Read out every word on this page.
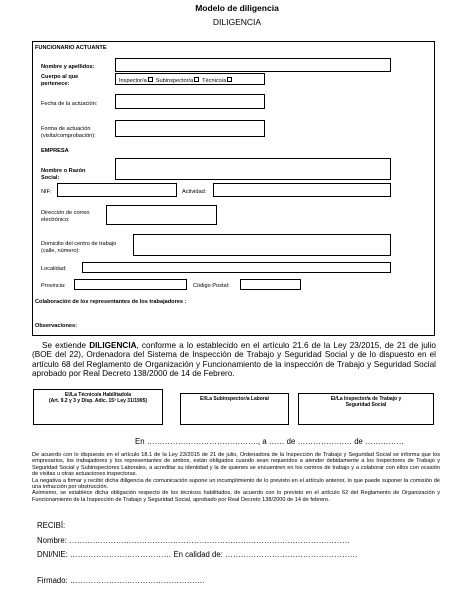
Modelo de diligencia
DILIGENCIA
FUNCIONARIO ACTUANTE
Nombre y apellidos:
Cuerpo al que
pertenece:	Inspector/a Subinspector/a Técnico/a
Fecha de la actuación:
Forma de actuación
(visita/comprobación):
EMPRESA
Nombre o Razón
Social:
NIF:	Actividad:
Dirección de correo
electrónico:
Domicilio del centro de trabajo
(calle, número):
Localidad:
Provincia:	Código Postal:
Colaboración de los representantes de los trabajadores :
Observaciones:
Se extiende DILIGENCIA, conforme a lo establecido en el artículo 21.6 de la Ley 23/2015, de 21 de julio (BOE del 22), Ordenadora del Sistema de Inspección de Trabajo y Seguridad Social y de lo dispuesto en el artículo 68 del Reglamento de Organización y Funcionamiento de la inspección de Trabajo y Seguridad Social aprobado por Real Decreto 138/2000 de 14 de Febrero.
El/La Técnico/a Habilitado/a
(Art. 9.2 y 3 y Disp. Adic. 15ª Ley 31/1995)	El/La Subinspector/a Laboral	El/La Inspector/a de Trabajo y
Seguridad Social
En ……………………………………., a …… de ………………… de ……………
De acuerdo con lo dispuesto en el artículo 18.1 de la Ley 23/2015 de 21 de julio, Ordenadora de la Inspección de Trabajo y Seguridad Social se informa que los empresarios, los trabajadores y los representantes de ambos, están obligados cuando sean requeridos a atender debidamente a los Inspectores de Trabajo y Seguridad Social y Subinspectores Laborales, a acreditar su identidad y la de quienes se encuentren en los centros de trabajo y a colaborar con ellos con ocasión de visitas u otras actuaciones inspectoras.
La negativa a firmar y recibir dicha diligencia de comunicación supone un incumplimiento de lo previsto en el artículo anterior, lo que puede suponer la comisión de una infracción por obstrucción.
Asimismo, se establece dicha obligación respecto de los técnicos habilitados, de acuerdo con lo previsto en el artículo 62 del Reglamento de Organización y Funcionamiento de la Inspección de Trabajo y Seguridad Social, aprobado por Real Decreto 138/2000 de 14 de febrero.
RECIBÍ:
Nombre: ………………………………………………………………………………………………
DNI/NIE: ………………………………… En calidad de: ……………………………………………
Firmado: …………………………………………….
